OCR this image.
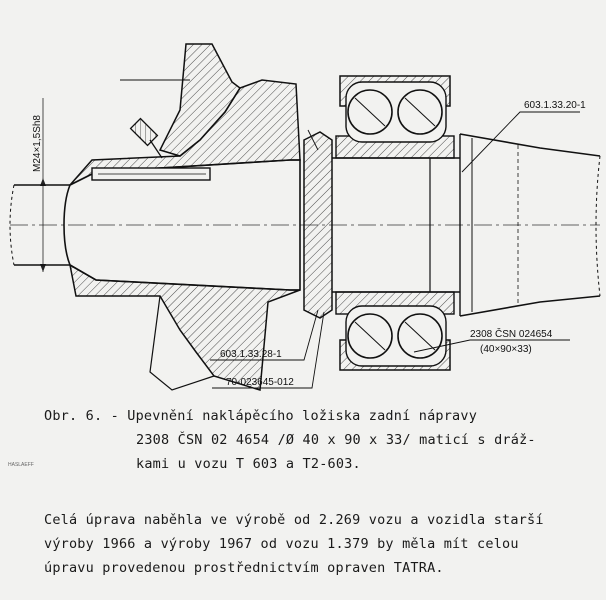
603.1.33.20-1
2308 ČSN 024654
(40×90×33)
603.1.33.28-1
70-023645-012
M24×1,5Sh8
Obr. 6. - Upevnění naklápěcího ložiska zadní nápravy
2308 ČSN 02 4654 /Ø 40 x 90 x 33/ maticí s dráž-
kami u vozu T 603 a T2-603.
Celá úprava naběhla ve výrobě od 2.269 vozu a vozidla starší
výroby 1966 a výroby 1967 od vozu 1.379 by měla mít celou
úpravu provedenou prostřednictvím opraven TATRA.
HASLAEFF
